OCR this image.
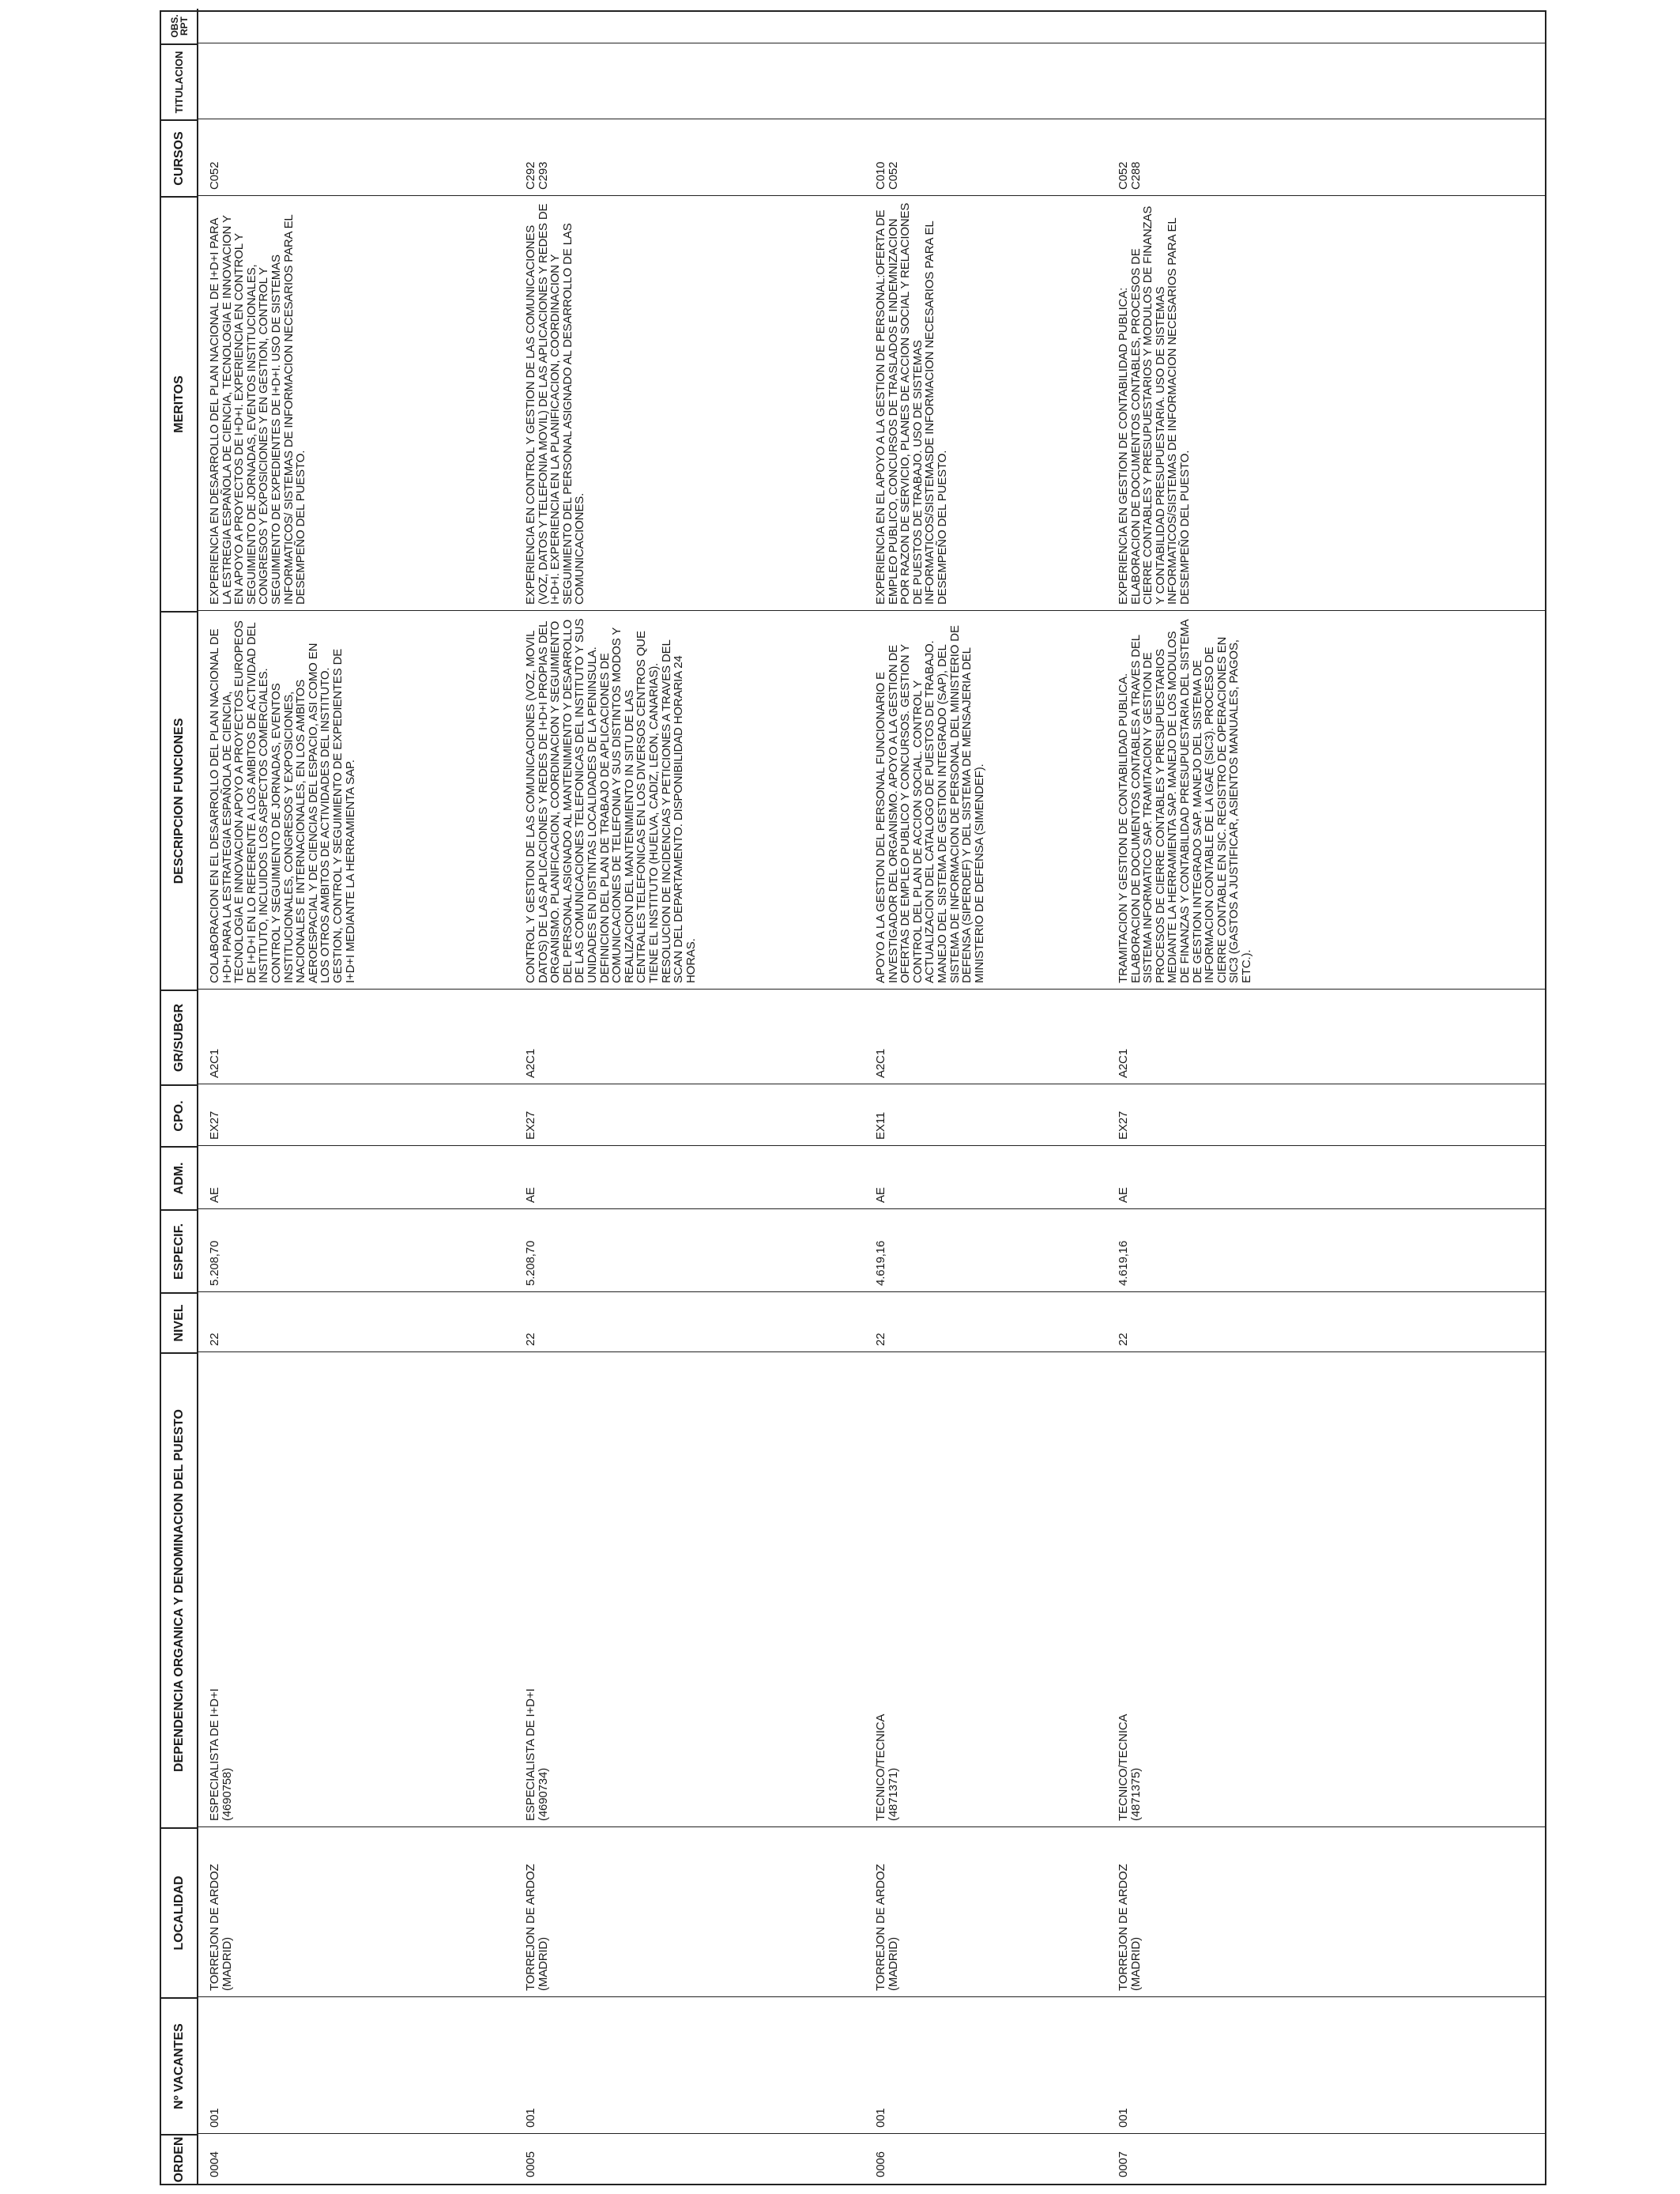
ORDEN
Nº VACANTES
LOCALIDAD
DEPENDENCIA ORGANICA Y DENOMINACION DEL PUESTO
NIVEL
ESPECIF.
ADM.
CPO.
GR/SUBGR
DESCRIPCION FUNCIONES
MERITOS
CURSOS
TITULACION
OBS. RPT
0004
001
TORREJON DE ARDOZ (MADRID)
ESPECIALISTA DE I+D+I
(4690758)
22
5.208,70
AE
EX27
A2C1
COLABORACION EN EL DESARROLLO DEL PLAN NACIONAL DE I+D+I PARA LA ESTRATEGIA ESPAÑOLA DE CIENCIA, TECNOLOGIA E INNOVACION APOYO A PROYECTOS EUROPEOS DE I+D+I EN LO REFERENTE A LOS AMBITOS DE ACTIVIDAD DEL INSTITUTO, INCLUIDOS LOS ASPECTOS COMERCIALES. CONTROL Y SEGUIMIENTO DE JORNADAS, EVENTOS INSTITUCIONALES, CONGRESOS Y EXPOSICIONES, NACIONALES E INTERNACIONALES, EN LOS AMBITOS AEROESPACIAL Y DE CIENCIAS DEL ESPACIO, ASI COMO EN LOS OTROS AMBITOS DE ACTIVIDADES DEL INSTITUTO. GESTION, CONTROL Y SEGUIMIENTO DE EXPEDIENTES DE I+D+I MEDIANTE LA HERRAMIENTA SAP.
EXPERIENCIA EN DESARROLLO DEL PLAN NACIONAL DE I+D+I PARA LA ESTREGIA ESPAÑOLA DE CIENCIA, TECNOLOGIA E INNOVACION Y EN APOYO A PROYECTOS DE I+D+I. EXPERIENCIA EN CONTROL Y SEGUIMIENTO DE JORNADAS, EVENTOS INSTITUCIONALES, CONGRESOS Y EXPOSICIONES Y EN GESTION, CONTROL Y SEGUIMIENTO DE EXPEDIENTES DE I+D+I. USO DE SISTEMAS INFORMATICOS/ SISTEMAS DE INFORMACION NECESARIOS PARA EL DESEMPEÑO DEL PUESTO.
C052
0005
001
TORREJON DE ARDOZ (MADRID)
ESPECIALISTA DE I+D+I
(4690734)
22
5.208,70
AE
EX27
A2C1
CONTROL Y GESTION DE LAS COMUNICACIONES (VOZ, MOVIL DATOS) DE LAS APLICACIONES Y REDES DE I+D+I PROPIAS DEL ORGANISMO. PLANIFICACION, COORDINACION Y SEGUIMIENTO DEL PERSONAL ASIGNADO AL MANTENIMIENTO Y DESARROLLO DE LAS COMUNICACIONES TELEFONICAS DEL INSTITUTO Y SUS UNIDADES EN DISTINTAS LOCALIDADES DE LA PENINSULA. DEFINICION DEL PLAN DE TRABAJO DE APLICACIONES DE COMUNICACIONES DE TELEFONIA Y SUS DISTINTOS MODOS Y REALIZACION DEL MANTENIMIENTO IN SITU DE LAS CENTRALES TELEFONICAS EN LOS DIVERSOS CENTROS QUE TIENE EL INSTITUTO (HUELVA, CADIZ, LEON, CANARIAS). RESOLUCION DE INCIDENCIAS Y PETICIONES A TRAVES DEL SCAN DEL DEPARTAMENTO. DISPONIBILIDAD HORARIA 24 HORAS.
EXPERIENCIA EN CONTROL Y GESTION DE LAS COMUNICACIONES (VOZ, DATOS Y TELEFONIA MOVIL) DE LAS APLICACIONES Y REDES DE I+D+I. EXPERIENCIA EN LA PLANIFICACION, COORDINACION Y SEGUIMIENTO DEL PERSONAL ASIGNADO AL DESARROLLO DE LAS COMUNICACIONES.
C292
C293
0006
001
TORREJON DE ARDOZ (MADRID)
TECNICO/TECNICA
(4871371)
22
4.619,16
AE
EX11
A2C1
APOYO A LA GESTION DEL PERSONAL FUNCIONARIO E INVESTIGADOR DEL ORGANISMO. APOYO A LA GESTION DE OFERTAS DE EMPLEO PUBLICO Y CONCURSOS. GESTION Y CONTROL DEL PLAN DE ACCION SOCIAL. CONTROL Y ACTUALIZACION DEL CATALOGO DE PUESTOS DE TRABAJO. MANEJO DEL SISTEMA DE GESTION INTEGRADO (SAP), DEL SISTEMA DE INFORMACION DE PERSONAL DEL MINISTERIO DE DEFENSA (SIPERDEF) Y DEL SISTEMA DE MENSAJERIA DEL MINISTERIO DE DEFENSA (SIMENDEF).
EXPERIENCIA EN EL APOYO A LA GESTION DE PERSONAL:OFERTA DE EMPLEO PUBLICO, CONCURSOS DE TRASLADOS E INDEMNIZACION POR RAZON DE SERVICIO, PLANES DE ACCION SOCIAL Y RELACIONES DE PUESTOS DE TRABAJO. USO DE SISTEMAS INFORMATICOS/SISTEMASDE INFORMACION NECESARIOS PARA EL DESEMPEÑO DEL PUESTO.
C010
C052
0007
001
TORREJON DE ARDOZ (MADRID)
TECNICO/TECNICA
(4871375)
22
4.619,16
AE
EX27
A2C1
TRAMITACION Y GESTION DE CONTABILIDAD PUBLICA. ELABORACION DE DOCUMENTOS CONTABLES A TRAVES DEL SISTEMA INFORMATICO SAP. TRAMITACION Y GESTION DE PROCESOS DE CIERRE CONTABLES Y PRESUPUESTARIOS MEDIANTE LA HERRAMIENTA SAP. MANEJO DE LOS MODULOS DE FINANZAS Y CONTABILIDAD PRESUPUESTARIA DEL SISTEMA DE GESTION INTEGRADO SAP. MANEJO DEL SISTEMA DE INFORMACION CONTABLE DE LA IGAE (SIC3). PROCESO DE CIERRE CONTABLE EN SIC. REGISTRO DE OPERACIONES EN SIC3 (GASTOS A JUSTIFICAR, ASIENTOS MANUALES, PAGOS, ETC.).
EXPERIENCIA EN GESTION DE CONTABILIDAD PUBLICA: ELABORACION DE DOCUMENTOS CONTABLES, PROCESOS DE CIERRE CONTABLES Y PRESUPUESTARIOS Y MODULOS DE FINANZAS Y CONTABILIDAD PRESUPUESTARIA. USO DE SISTEMAS INFORMATICOS/SISTEMAS DE INFORMACION NECESARIOS PARA EL DESEMPEÑO DEL PUESTO.
C052
C288
